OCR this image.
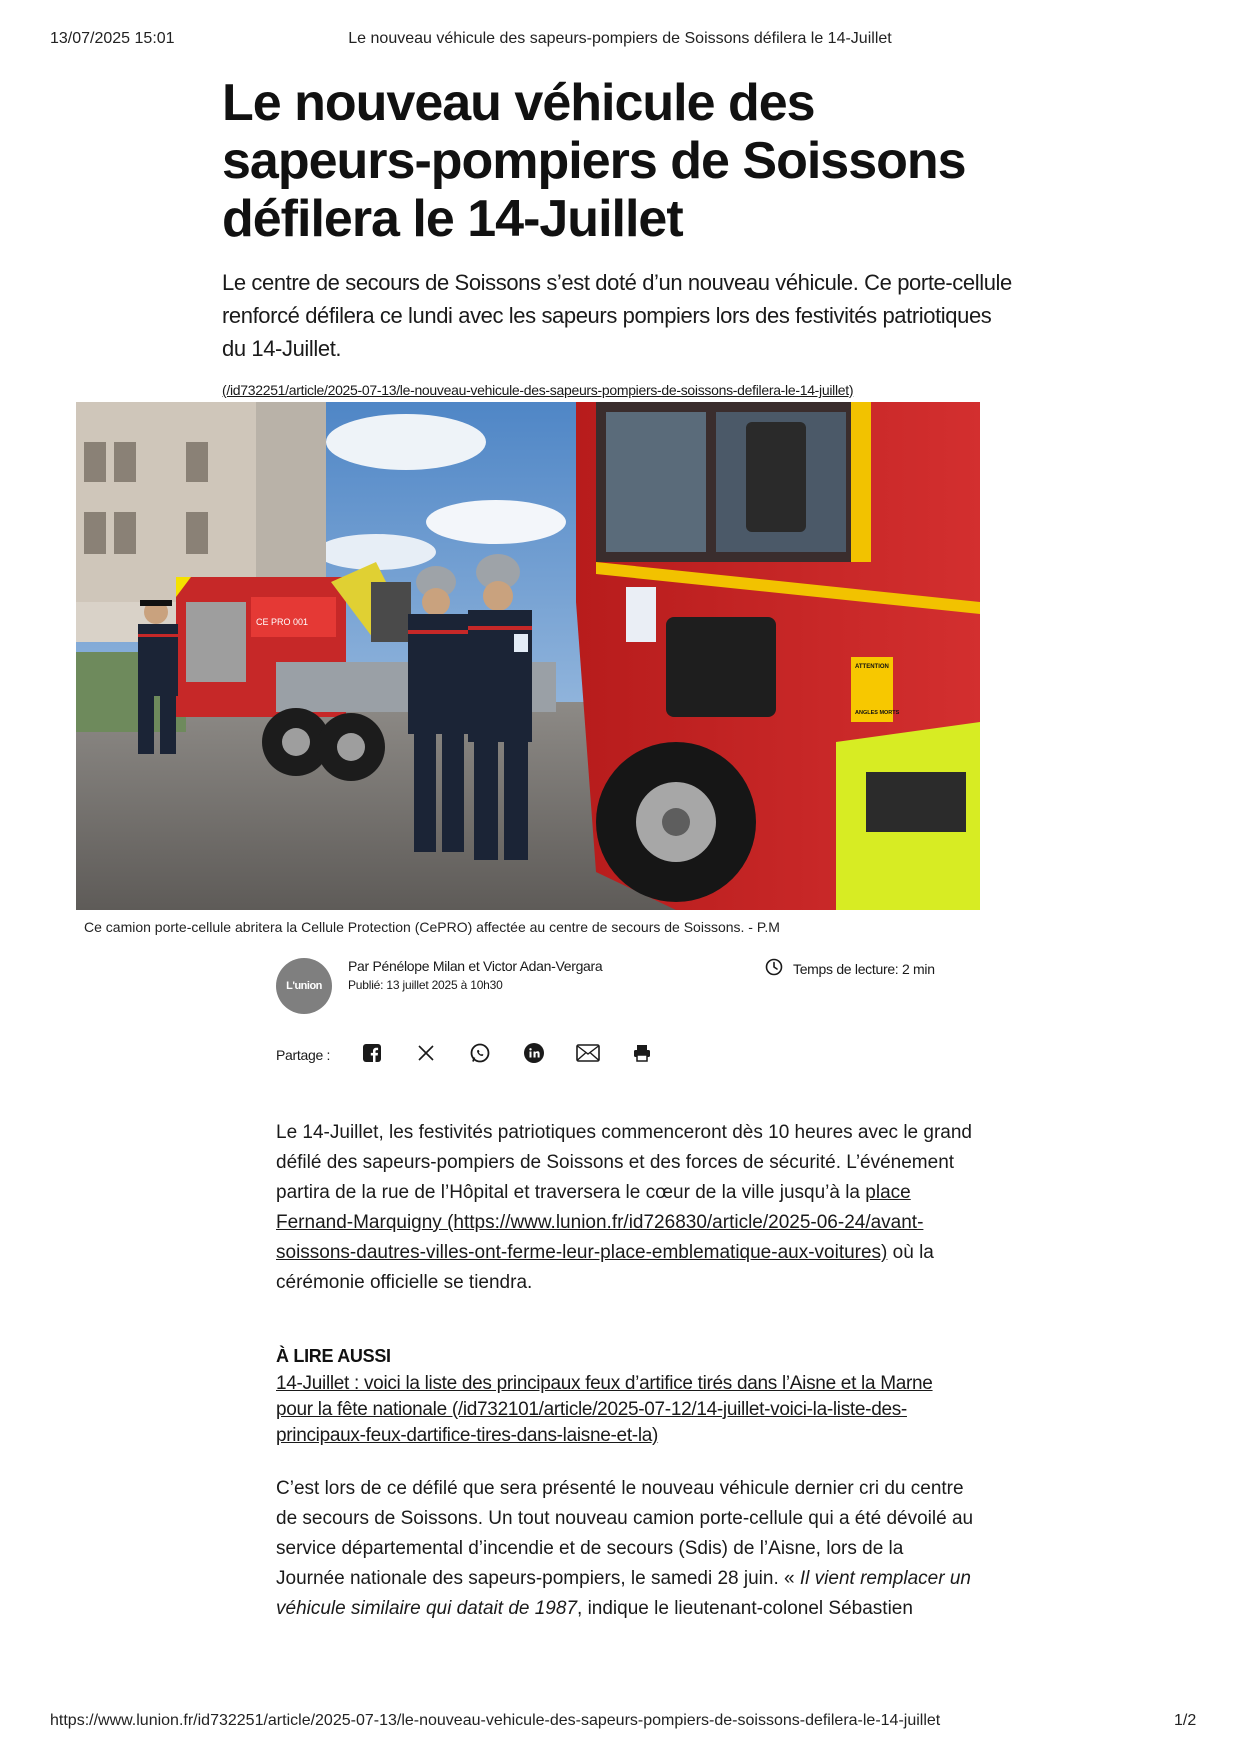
13/07/2025 15:01	Le nouveau véhicule des sapeurs-pompiers de Soissons défilera le 14-Juillet
Le nouveau véhicule des sapeurs-pompiers de Soissons défilera le 14-Juillet

Le centre de secours de Soissons s’est doté d’un nouveau véhicule. Ce porte-cellule renforcé défilera ce lundi avec les sapeurs pompiers lors des festivités patriotiques du 14-Juillet.

(/id732251/article/2025-07-13/le-nouveau-vehicule-des-sapeurs-pompiers-de-soissons-defilera-le-14-juillet)
CE PRO 001
ATTENTION
ANGLES MORTS
Ce camion porte-cellule abritera la Cellule Protection (CePRO) affectée au centre de secours de Soissons. - P.M
L'union
Par Pénélope Milan et Victor Adan-Vergara
Publié: 13 juillet 2025 à 10h30
Temps de lecture: 2 min
Partage :

Le 14-Juillet, les festivités patriotiques commenceront dès 10 heures avec le grand défilé des sapeurs-pompiers de Soissons et des forces de sécurité. L’événement partira de la rue de l’Hôpital et traversera le cœur de la ville jusqu’à la place Fernand-Marquigny (https://www.lunion.fr/id726830/article/2025-06-24/avant-soissons-dautres-villes-ont-ferme-leur-place-emblematique-aux-voitures) où la cérémonie officielle se tiendra.

À LIRE AUSSI
14-Juillet : voici la liste des principaux feux d’artifice tirés dans l’Aisne et la Marne pour la fête nationale (/id732101/article/2025-07-12/14-juillet-voici-la-liste-des-principaux-feux-dartifice-tires-dans-laisne-et-la)

C’est lors de ce défilé que sera présenté le nouveau véhicule dernier cri du centre de secours de Soissons. Un tout nouveau camion porte-cellule qui a été dévoilé au service départemental d’incendie et de secours (Sdis) de l’Aisne, lors de la Journée nationale des sapeurs-pompiers, le samedi 28 juin. « Il vient remplacer un véhicule similaire qui datait de 1987, indique le lieutenant-colonel Sébastien

https://www.lunion.fr/id732251/article/2025-07-13/le-nouveau-vehicule-des-sapeurs-pompiers-de-soissons-defilera-le-14-juillet	1/2
